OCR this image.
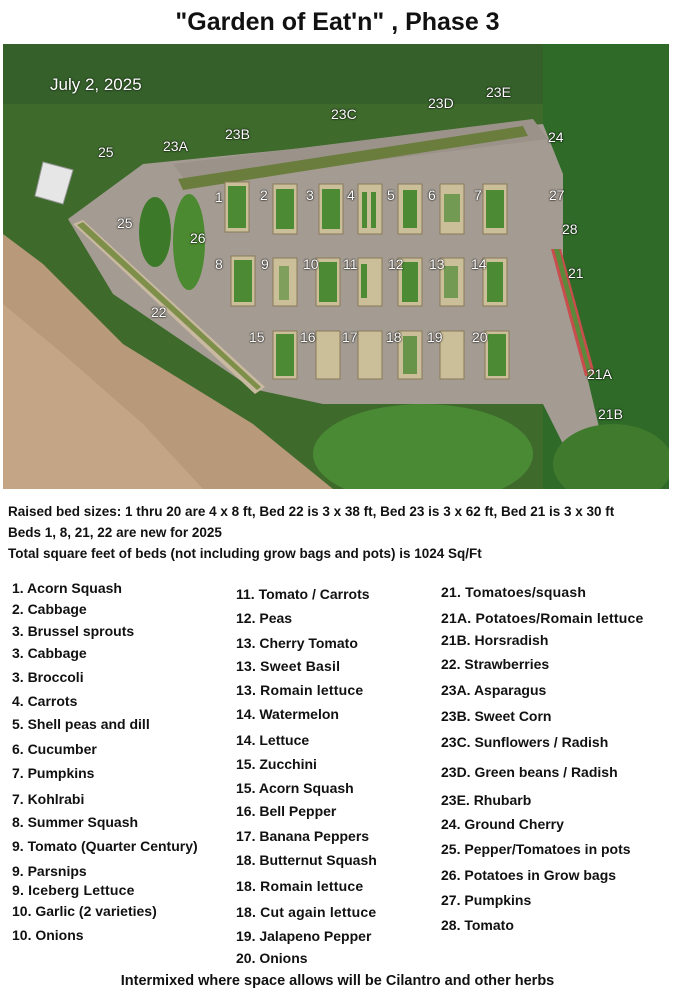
"Garden of Eat'n" , Phase 3
July 2, 2025
1	2	3 4 5 6	7
8	9 10 11 12 13 14
15	16 17 18 19 20
21
21A
21B
22
23A
23B
23C
23D
23E
24
25
25
26
27
28
Raised bed sizes: 1 thru 20 are 4 x 8 ft, Bed 22 is 3 x 38 ft, Bed 23 is 3 x 62 ft, Bed 21 is 3 x 30 ft
Beds 1, 8, 21, 22 are new for 2025
Total square feet of beds (not including grow bags and pots) is 1024 Sq/Ft
1. Acorn Squash
2. Cabbage
3. Brussel sprouts
3. Cabbage
3. Broccoli
4. Carrots
5. Shell peas and dill
6. Cucumber
7. Pumpkins
7. Kohlrabi
8. Summer Squash
9. Tomato (Quarter Century)
9. Parsnips
9. Iceberg Lettuce
10. Garlic (2 varieties)
10. Onions
11. Tomato / Carrots
12. Peas
13. Cherry Tomato
13. Sweet Basil
13. Romain lettuce
14. Watermelon
14. Lettuce
15. Zucchini
15. Acorn Squash
16. Bell Pepper
17. Banana Peppers
18. Butternut Squash
18. Romain lettuce
18. Cut again lettuce
19. Jalapeno Pepper
20. Onions
21. Tomatoes/squash
21A. Potatoes/Romain lettuce
21B. Horsradish
22. Strawberries
23A. Asparagus
23B. Sweet Corn
23C. Sunflowers / Radish
23D. Green beans / Radish
23E. Rhubarb
24. Ground Cherry
25. Pepper/Tomatoes in pots
26. Potatoes in Grow bags
27. Pumpkins
28. Tomato
Intermixed where space allows will be Cilantro and other herbs
